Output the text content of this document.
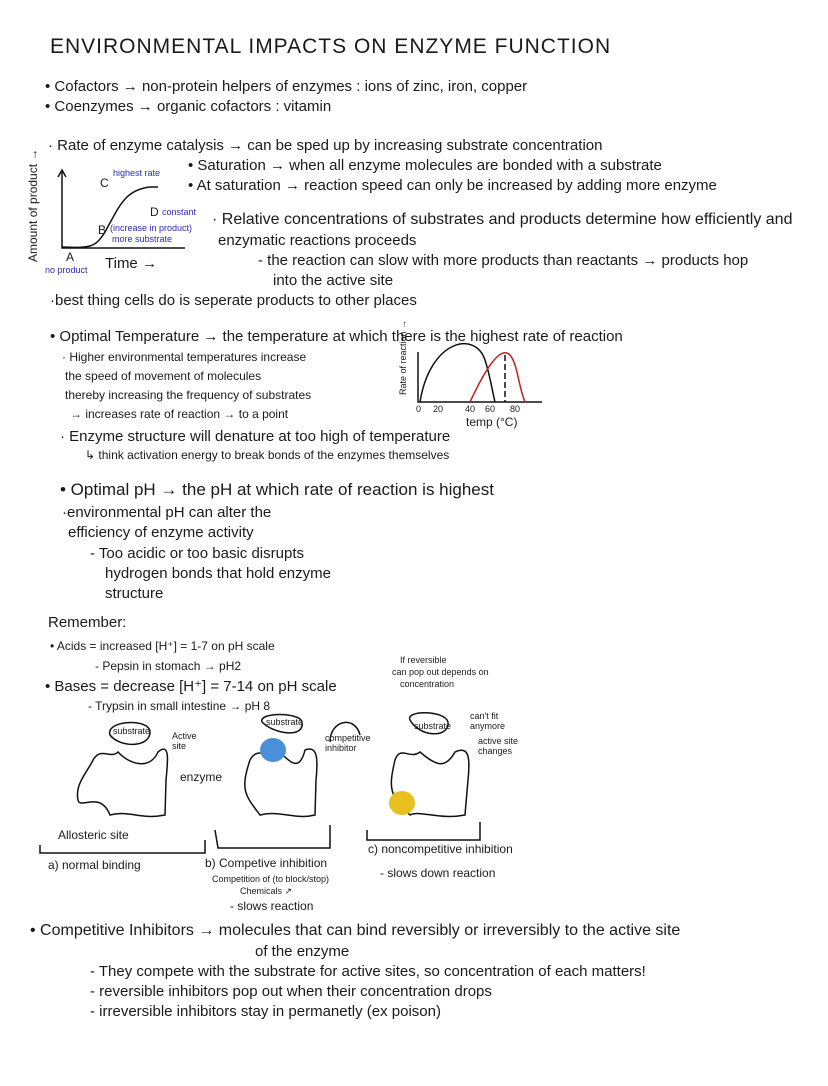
ENVIRONMENTAL IMPACTS ON ENZYME FUNCTION
• Cofactors → non-protein helpers of enzymes : ions of zinc, iron, copper
• Coenzymes → organic cofactors : vitamin
· Rate of enzyme catalysis → can be sped up by increasing substrate concentration
• Saturation → when all enzyme molecules are bonded with a substrate
• At saturation → reaction speed can only be increased by adding more enzyme
· Relative concentrations of substrates and products determine how efficiently and
enzymatic reactions proceeds
- the reaction can slow with more products than reactants → products hop
into the active site
·best thing cells do is seperate products to other places
Amount of product →
Time →
A
no product
B (increase in product)
more substrate
C
highest rate
D constant
• Optimal Temperature → the temperature at which there is the highest rate of reaction
· Higher environmental temperatures increase
the speed of movement of molecules
thereby increasing the frequency of substrates
→ increases rate of reaction → to a point
Rate of reaction →
0 20 40 60 80
temp (°C)
· Enzyme structure will denature at too high of temperature
↳ think activation energy to break bonds of the enzymes themselves
• Optimal pH → the pH at which rate of reaction is highest
·environmental pH can alter the
efficiency of enzyme activity
- Too acidic or too basic disrupts
hydrogen bonds that hold enzyme
structure
Remember:
• Acids = increased [H⁺] = 1-7 on pH scale
- Pepsin in stomach → pH2
• Bases = decrease [H⁺] = 7-14 on pH scale
- Trypsin in small intestine → pH 8
substrate Active site
enzyme
Allosteric site
a) normal binding
substrate
competitive inhibitor
If reversible
can pop out depends on
concentration
b) Competive inhibition
Competition of (to block/stop)
Chemicals ↗
- slows reaction
substrate
can't fit anymore
active site changes
c) noncompetitive inhibition
- slows down reaction
• Competitive Inhibitors → molecules that can bind reversibly or irreversibly to the active site
of the enzyme
- They compete with the substrate for active sites, so concentration of each matters!
- reversible inhibitors pop out when their concentration drops
- irreversible inhibitors stay in permanetly (ex poison)
